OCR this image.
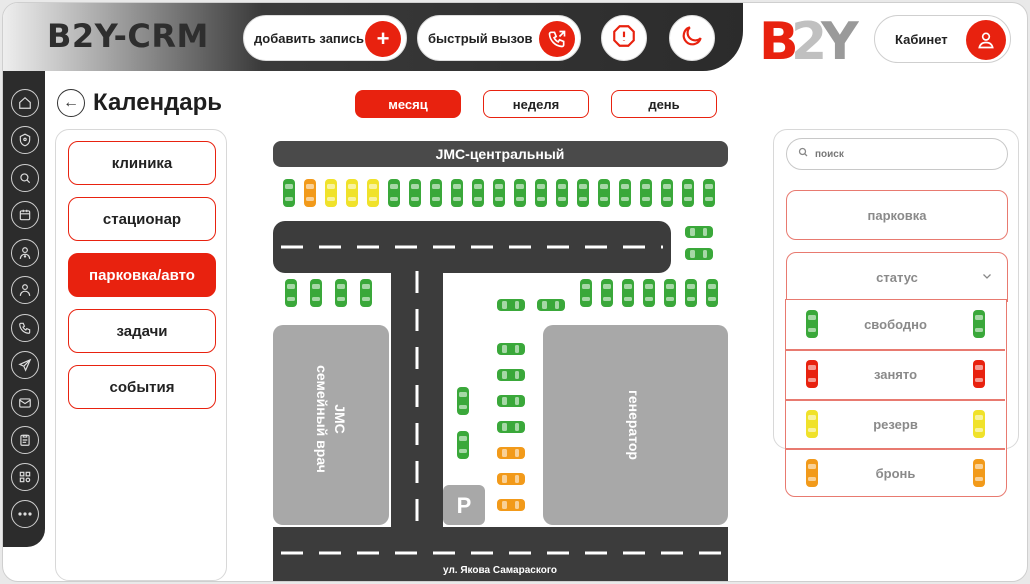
B2Y-CRM	добавить запись +	быстрый вызов	B
2
Y	Кабинет
← Календарь	месяц	неделя	день
клиника
стационар
парковка/авто
задачи
события
JMC-центральный
JMC
семейный врач	генератор
P
ул. Якова Самараского
поиск
парковка
статус
свободно
занято
резерв
бронь
